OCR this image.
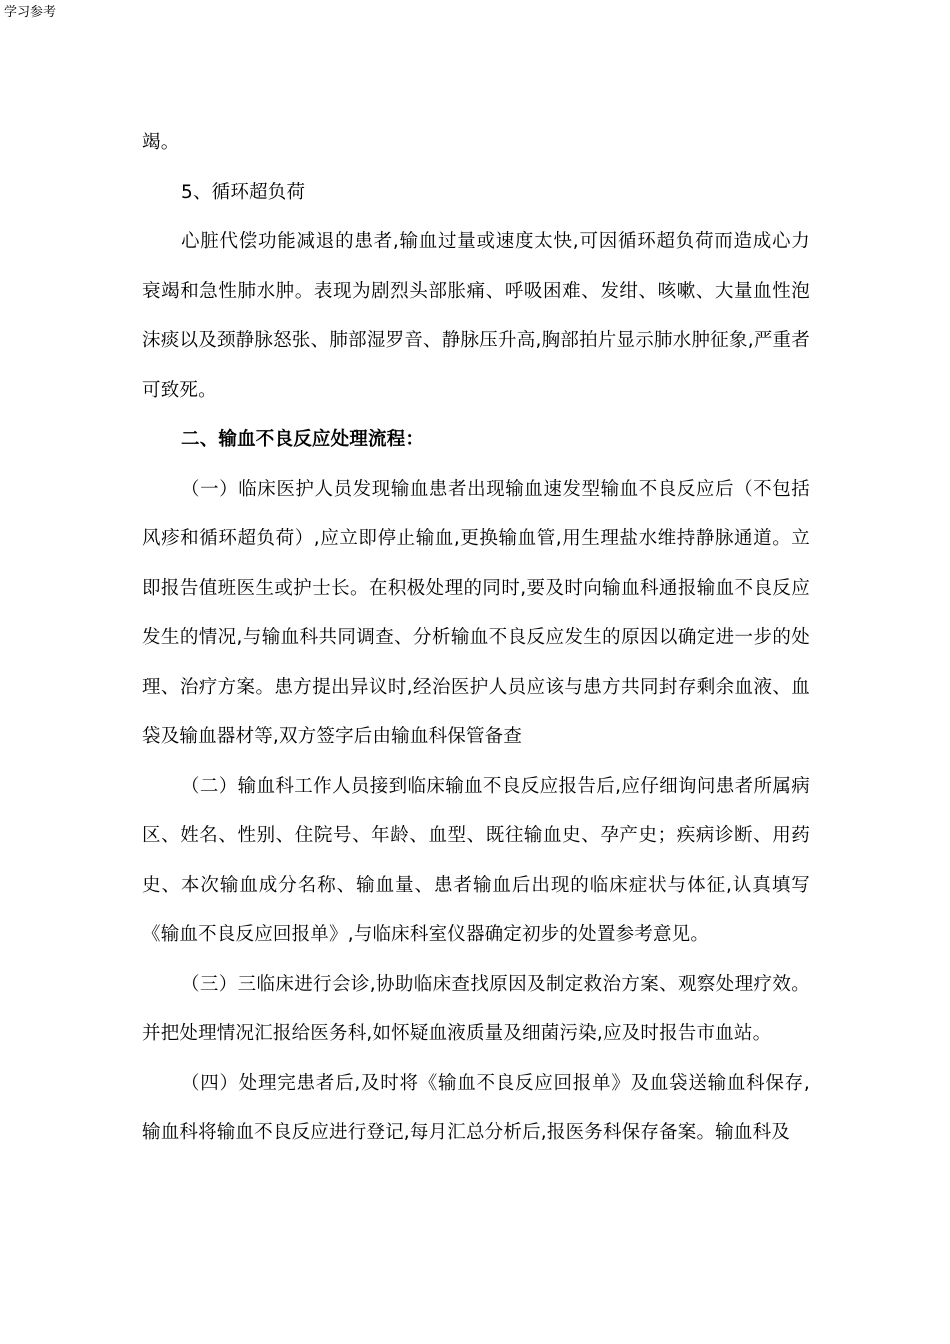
学习参考

竭。

5、循环超负荷

心脏代偿功能减退的患者,输血过量或速度太快,可因循环超负荷而造成心力衰竭和急性肺水肿。表现为剧烈头部胀痛、呼吸困难、发绀、咳嗽、大量血性泡沫痰以及颈静脉怒张、肺部湿罗音、静脉压升高,胸部拍片显示肺水肿征象,严重者可致死。

二、输血不良反应处理流程：

（一）临床医护人员发现输血患者出现输血速发型输血不良反应后（不包括风疹和循环超负荷）,应立即停止输血,更换输血管,用生理盐水维持静脉通道。立即报告值班医生或护士长。在积极处理的同时,要及时向输血科通报输血不良反应发生的情况,与输血科共同调查、分析输血不良反应发生的原因以确定进一步的处理、治疗方案。患方提出异议时,经治医护人员应该与患方共同封存剩余血液、血袋及输血器材等,双方签字后由输血科保管备查

（二）输血科工作人员接到临床输血不良反应报告后,应仔细询问患者所属病区、姓名、性别、住院号、年龄、血型、既往输血史、孕产史；疾病诊断、用药史、本次输血成分名称、输血量、患者输血后出现的临床症状与体征,认真填写《输血不良反应回报单》,与临床科室仪器确定初步的处置参考意见。

（三）三临床进行会诊,协助临床查找原因及制定救治方案、观察处理疗效。并把处理情况汇报给医务科,如怀疑血液质量及细菌污染,应及时报告市血站。

（四）处理完患者后,及时将《输血不良反应回报单》及血袋送输血科保存,输血科将输血不良反应进行登记,每月汇总分析后,报医务科保存备案。输血科及
